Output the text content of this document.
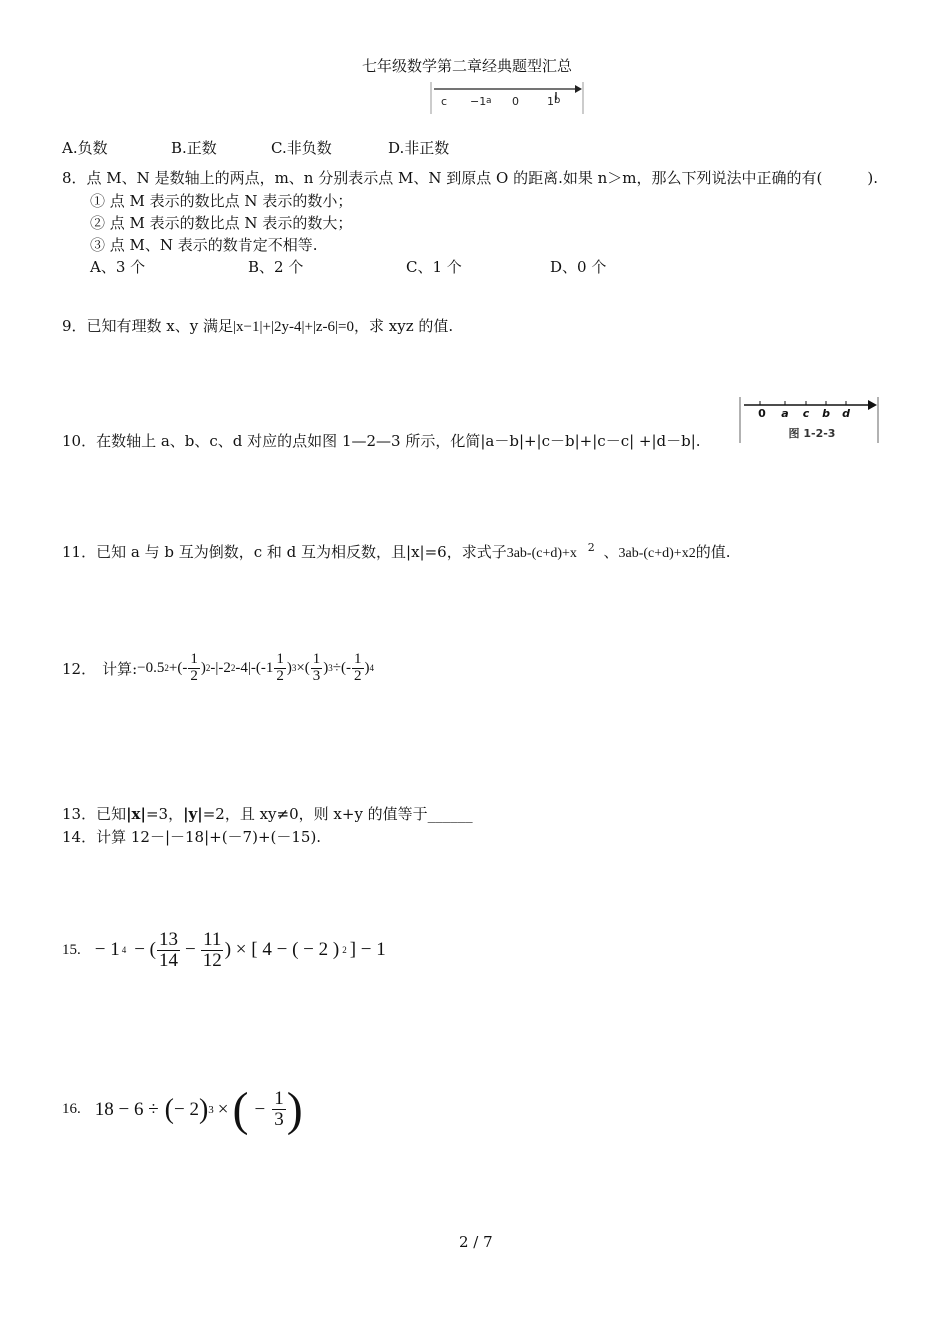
七年级数学第二章经典题型汇总
c −1 a 0	1 b
A.负数	B.正数	C.非负数	D.非正数
8．点 M、N 是数轴上的两点，m、n 分别表示点 M、N 到原点 O 的距离.如果 n＞m，那么下列说法中正确的有(　　　).
① 点 M 表示的数比点 N 表示的数小；
② 点 M 表示的数比点 N 表示的数大；
③ 点 M、N 表示的数肯定不相等.
A、3 个	B、2 个	C、1 个	D、0 个
9．已知有理数 x、y 满足|x−1|+|2y-4|+|z-6|=0，求 xyz 的值.
10．在数轴上 a、b、c、d 对应的点如图 1—2—3 所示，化简|a－b|+|c－b|+|c－c| +|d－b|.
0 a c b d
图 1-2-3
11．已知 a 与 b 互为倒数，c 和 d 互为相反数，且|x|=6，求式子3ab-(c+d)+x $^2$ 、3ab-(c+d)+x2的值.
12． 计算: −0.5 2 +(- $\frac{1}{2}$ ) 2 - |-2 2 -4| $-(-1 \frac{1}{2}$ ) 3 ×( $\frac{1}{3}$ ) 3 ÷(- $\frac{1}{2}$ ) 4
13．已知|x|=3，|y|=2，且 xy≠0，则 x+y 的值等于______
14．计算 12－|－18|+(－7)+(－15).
15. − 1 4 − ( $\frac{13}{14} - \frac{11}{12}$ ) × [ 4 − ( − 2 ) 2 ] − 1
16. 18 − 6 ÷ ( − 2 ) 3 × ( − $\frac{1}{3}$ )
2 / 7
